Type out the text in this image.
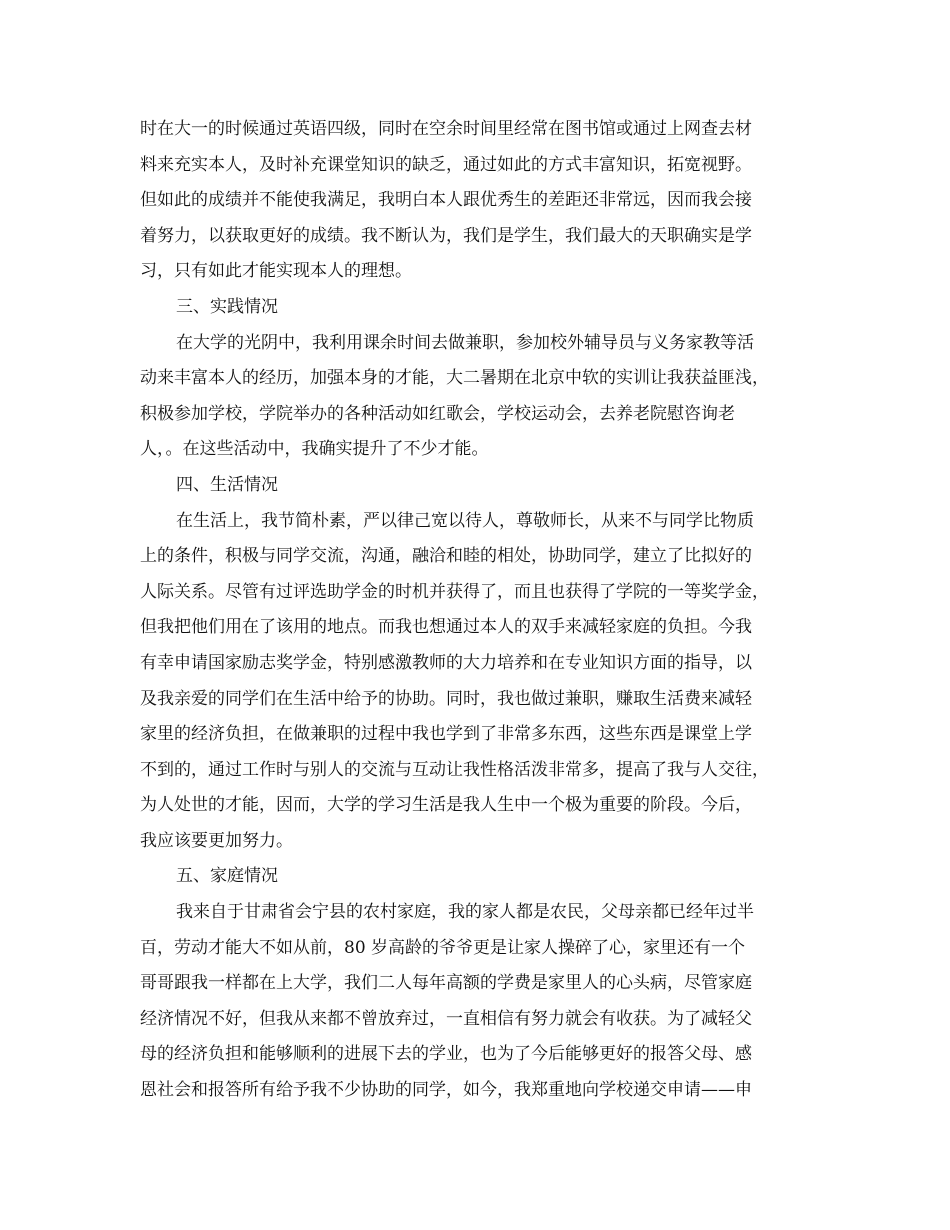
时在大一的时候通过英语四级，同时在空余时间里经常在图书馆或通过上网查去材
料来充实本人，及时补充课堂知识的缺乏，通过如此的方式丰富知识，拓宽视野。
但如此的成绩并不能使我满足，我明白本人跟优秀生的差距还非常远，因而我会接
着努力，以获取更好的成绩。我不断认为，我们是学生，我们最大的天职确实是学
习，只有如此才能实现本人的理想。
三、实践情况
在大学的光阴中，我利用课余时间去做兼职，参加校外辅导员与义务家教等活
动来丰富本人的经历，加强本身的才能，大二暑期在北京中软的实训让我获益匪浅，
积极参加学校，学院举办的各种活动如红歌会，学校运动会，去养老院慰咨询老
人，。在这些活动中，我确实提升了不少才能。
四、生活情况
在生活上，我节简朴素，严以律己宽以待人，尊敬师长，从来不与同学比物质
上的条件，积极与同学交流，沟通，融洽和睦的相处，协助同学，建立了比拟好的
人际关系。尽管有过评选助学金的时机并获得了，而且也获得了学院的一等奖学金，
但我把他们用在了该用的地点。而我也想通过本人的双手来减轻家庭的负担。今我
有幸申请国家励志奖学金，特别感激教师的大力培养和在专业知识方面的指导，以
及我亲爱的同学们在生活中给予的协助。同时，我也做过兼职，赚取生活费来减轻
家里的经济负担，在做兼职的过程中我也学到了非常多东西，这些东西是课堂上学
不到的，通过工作时与别人的交流与互动让我性格活泼非常多，提高了我与人交往，
为人处世的才能，因而，大学的学习生活是我人生中一个极为重要的阶段。今后，
我应该要更加努力。
五、家庭情况
我来自于甘肃省会宁县的农村家庭，我的家人都是农民，父母亲都已经年过半
百，劳动才能大不如从前，80 岁高龄的爷爷更是让家人操碎了心，家里还有一个
哥哥跟我一样都在上大学，我们二人每年高额的学费是家里人的心头病，尽管家庭
经济情况不好，但我从来都不曾放弃过，一直相信有努力就会有收获。为了减轻父
母的经济负担和能够顺利的进展下去的学业，也为了今后能够更好的报答父母、感
恩社会和报答所有给予我不少协助的同学，如今，我郑重地向学校递交申请——申
